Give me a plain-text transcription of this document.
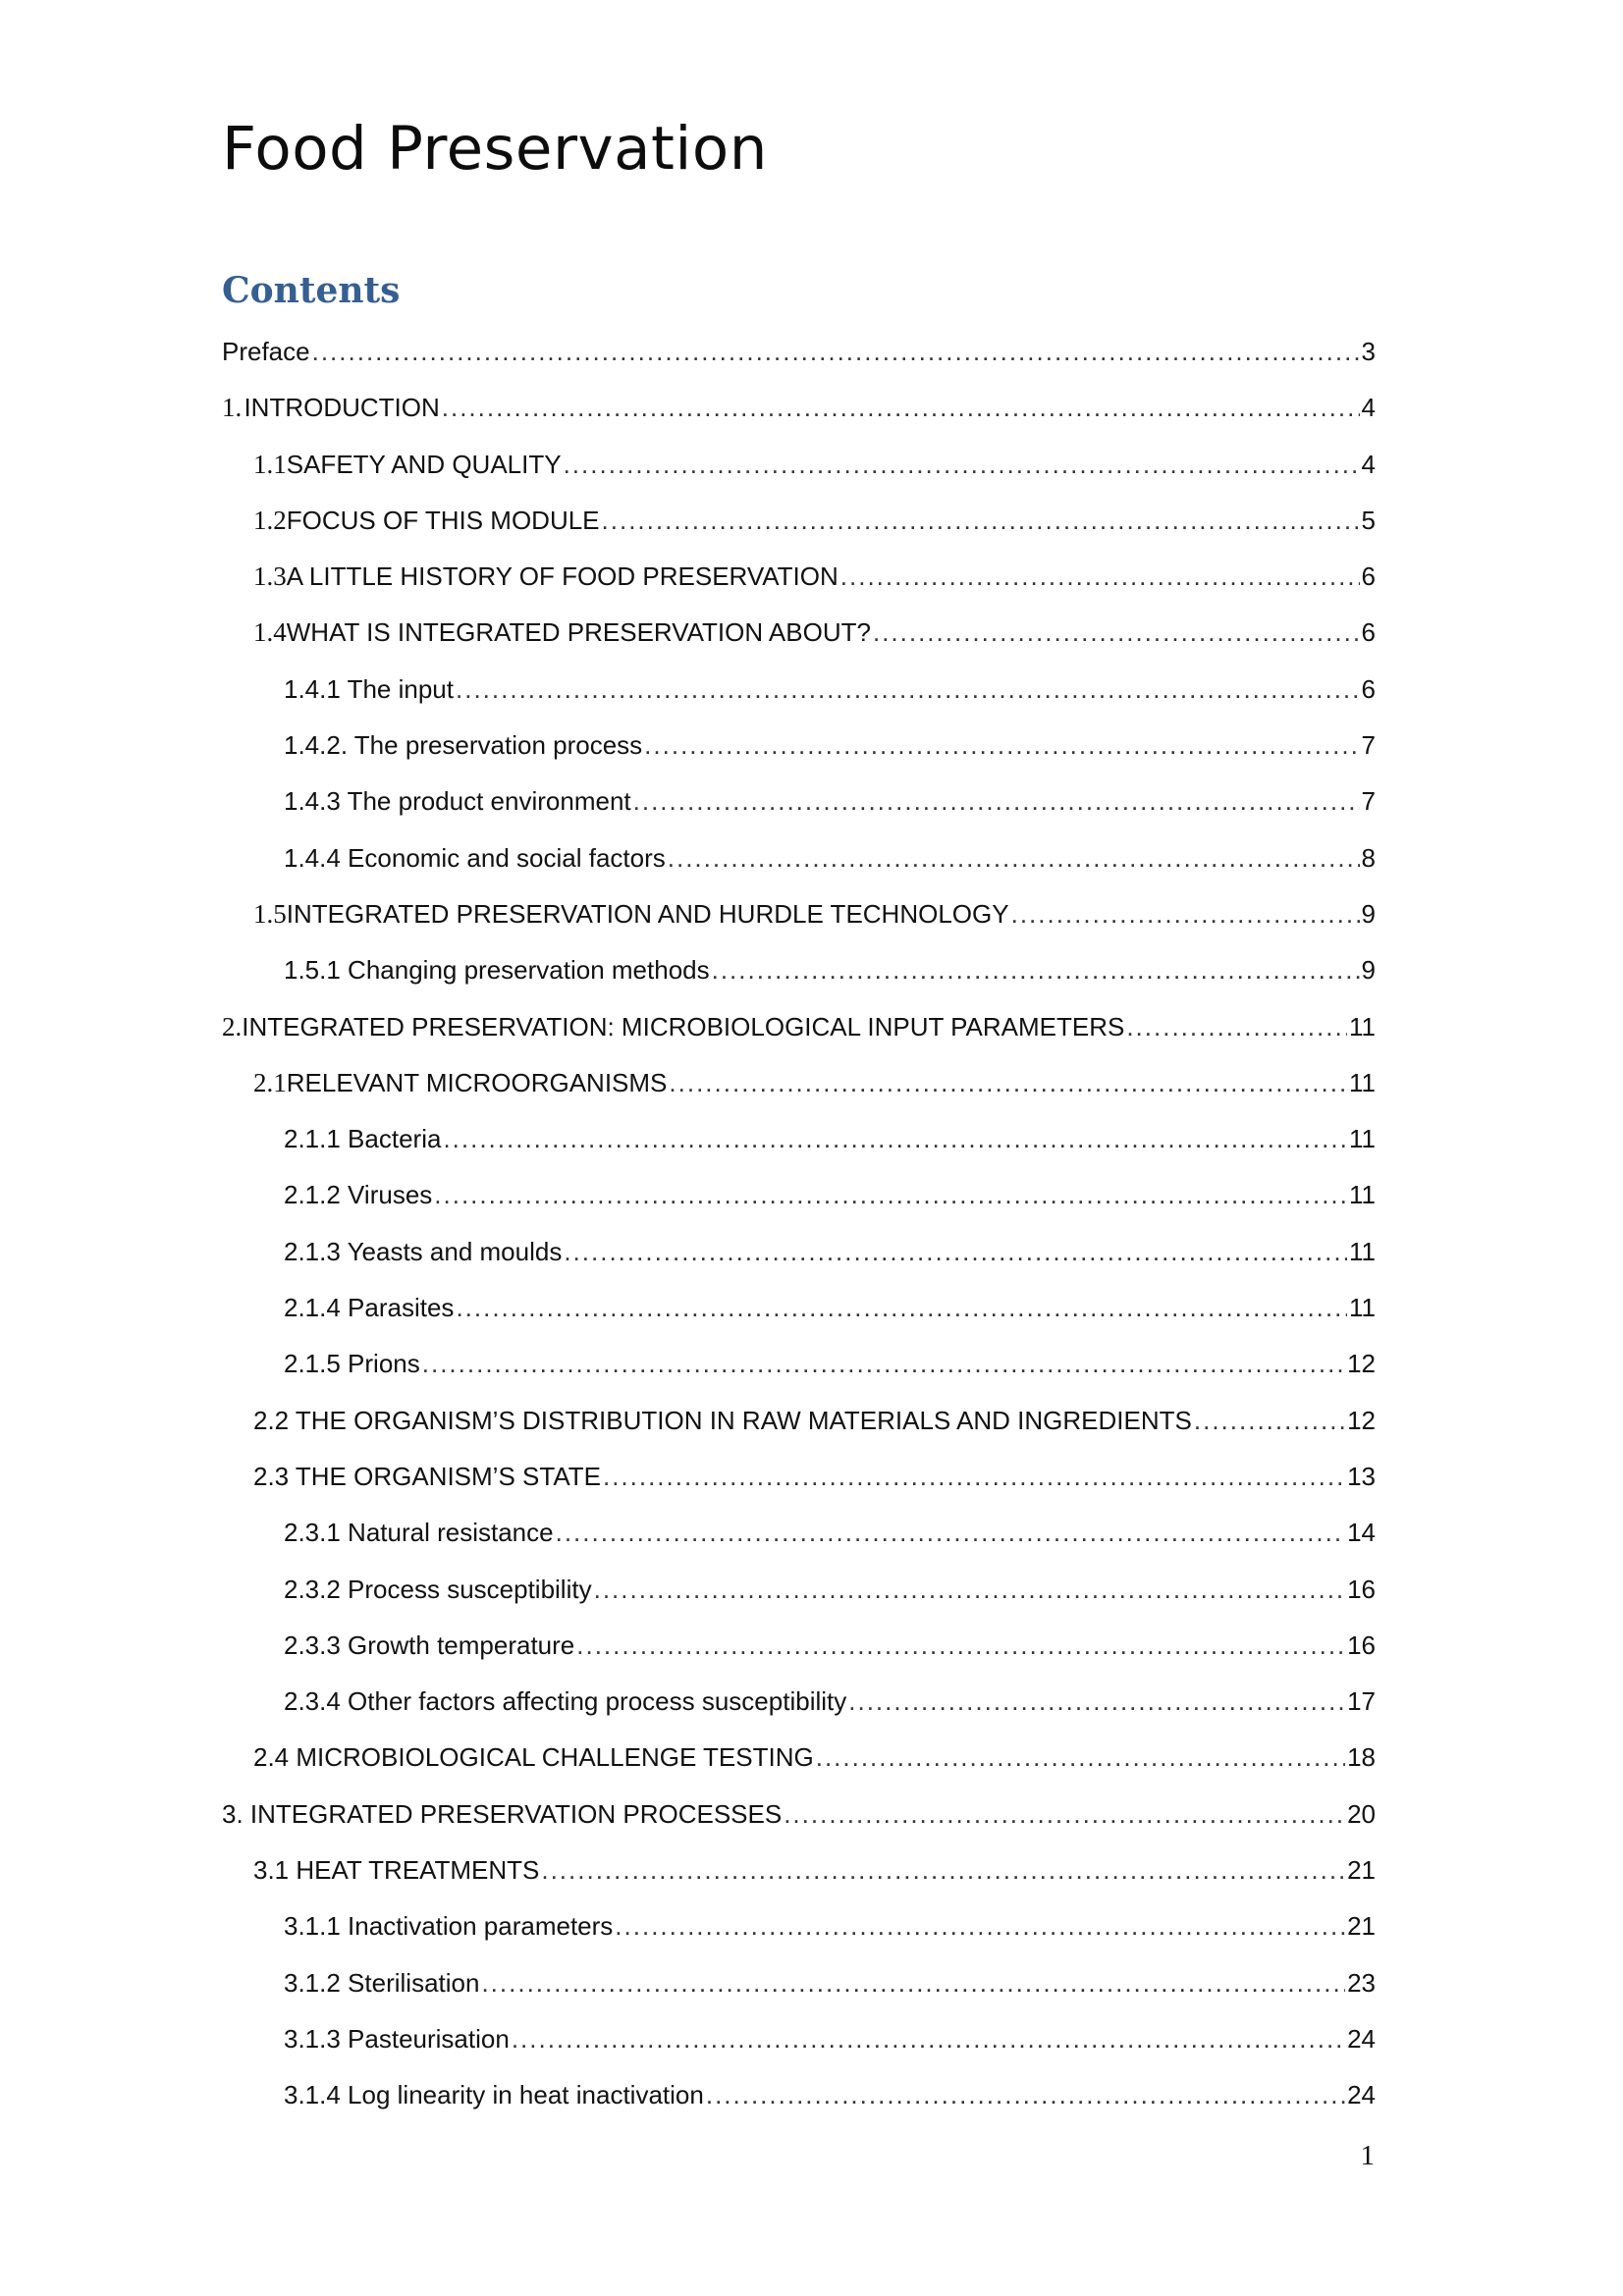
Food Preservation
Contents
Preface .....	3
1. INTRODUCTION .....	4
1.1 SAFETY AND QUALITY .....	4
1.2 FOCUS OF THIS MODULE .....	5
1.3 A LITTLE HISTORY OF FOOD PRESERVATION .....	6
1.4 WHAT IS INTEGRATED PRESERVATION ABOUT? .....	6
1.4.1 The input .....	6
1.4.2. The preservation process .....	7
1.4.3 The product environment .....	7
1.4.4 Economic and social factors .....	8
1.5 INTEGRATED PRESERVATION AND HURDLE TECHNOLOGY .....	9
1.5.1 Changing preservation methods .....	9
2. INTEGRATED PRESERVATION: MICROBIOLOGICAL INPUT PARAMETERS .....	11
2.1 RELEVANT MICROORGANISMS .....	11
2.1.1 Bacteria .....	11
2.1.2 Viruses .....	11
2.1.3 Yeasts and moulds .....	11
2.1.4 Parasites .....	11
2.1.5 Prions .....	12
2.2 THE ORGANISM’S DISTRIBUTION IN RAW MATERIALS AND INGREDIENTS .....	12
2.3 THE ORGANISM’S STATE .....	13
2.3.1 Natural resistance .....	14
2.3.2 Process susceptibility .....	16
2.3.3 Growth temperature .....	16
2.3.4 Other factors affecting process susceptibility .....	17
2.4 MICROBIOLOGICAL CHALLENGE TESTING .....	18
3. INTEGRATED PRESERVATION PROCESSES .....	20
3.1 HEAT TREATMENTS .....	21
3.1.1 Inactivation parameters .....	21
3.1.2 Sterilisation .....	23
3.1.3 Pasteurisation .....	24
3.1.4 Log linearity in heat inactivation .....	24
1
